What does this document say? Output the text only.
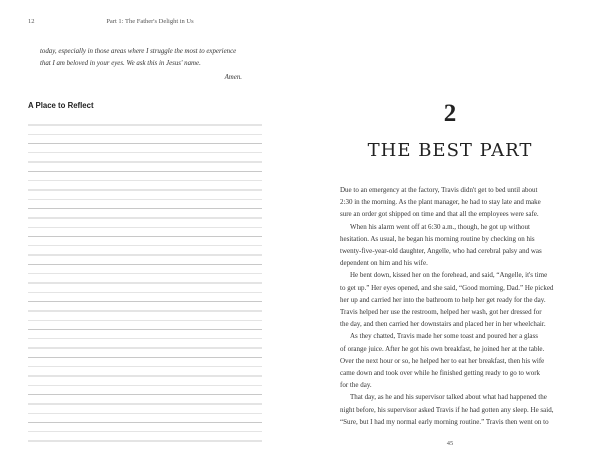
12	Part 1: The Father's Delight in Us
today, especially in those areas where I struggle the most to experience
that I am beloved in your eyes. We ask this in Jesus' name.
Amen.
A Place to Reflect	2
THE BEST PART
Due to an emergency at the factory, Travis didn't get to bed until about
2:30 in the morning. As the plant manager, he had to stay late and make
sure an order got shipped on time and that all the employees were safe.
When his alarm went off at 6:30 a.m., though, he got up without
hesitation. As usual, he began his morning routine by checking on his
twenty-five-year-old daughter, Angelle, who had cerebral palsy and was
dependent on him and his wife.
He bent down, kissed her on the forehead, and said, “Angelle, it's time
to get up.” Her eyes opened, and she said, “Good morning, Dad.” He picked
her up and carried her into the bathroom to help her get ready for the day.
Travis helped her use the restroom, helped her wash, got her dressed for
the day, and then carried her downstairs and placed her in her wheelchair.
As they chatted, Travis made her some toast and poured her a glass
of orange juice. After he got his own breakfast, he joined her at the table.
Over the next hour or so, he helped her to eat her breakfast, then his wife
came down and took over while he finished getting ready to go to work
for the day.
That day, as he and his supervisor talked about what had happened the
night before, his supervisor asked Travis if he had gotten any sleep. He said,
“Sure, but I had my normal early morning routine.” Travis then went on to
45
